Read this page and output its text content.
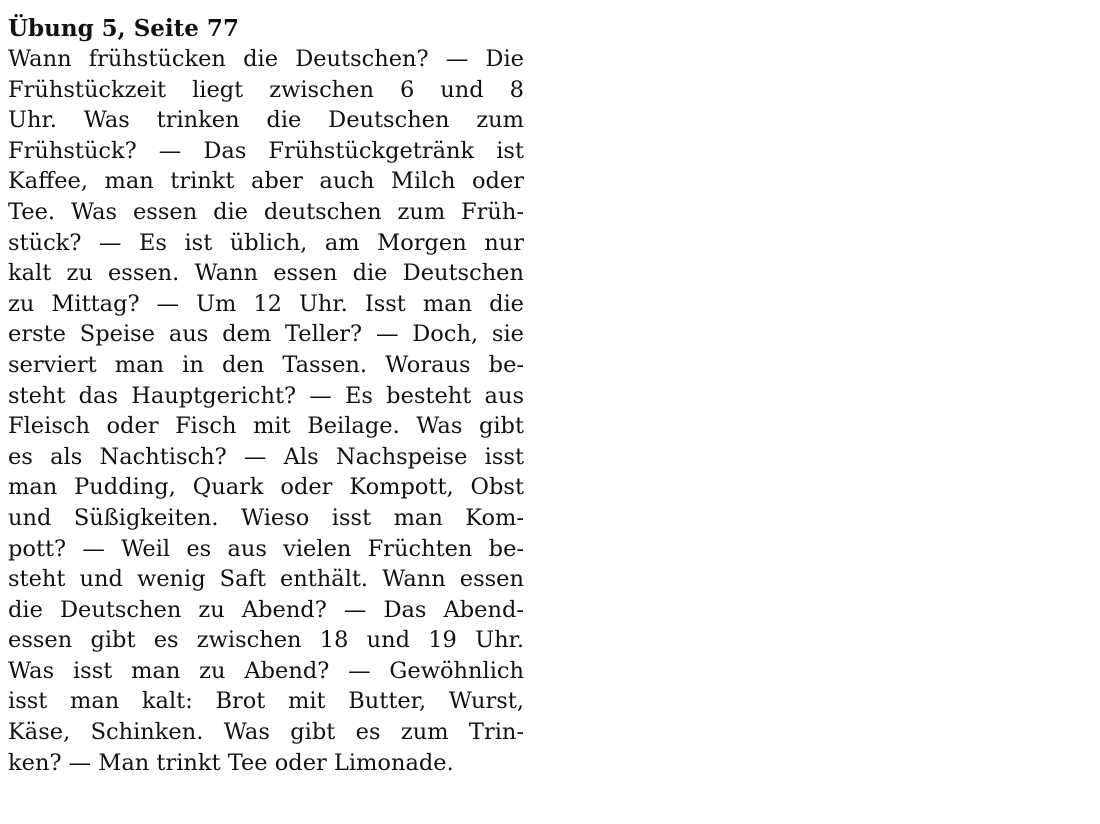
Übung 5, Seite 77
Wann frühstücken die Deutschen? — Die
Frühstückzeit liegt zwischen 6 und 8
Uhr. Was trinken die Deutschen zum
Frühstück? — Das Frühstückgetränk ist
Kaffee, man trinkt aber auch Milch oder
Tee. Was essen die deutschen zum Früh-
stück? — Es ist üblich, am Morgen nur
kalt zu essen. Wann essen die Deutschen
zu Mittag? — Um 12 Uhr. Isst man die
erste Speise aus dem Teller? — Doch, sie
serviert man in den Tassen. Woraus be-
steht das Hauptgericht? — Es besteht aus
Fleisch oder Fisch mit Beilage. Was gibt
es als Nachtisch? — Als Nachspeise isst
man Pudding, Quark oder Kompott, Obst
und Süßigkeiten. Wieso isst man Kom-
pott? — Weil es aus vielen Früchten be-
steht und wenig Saft enthält. Wann essen
die Deutschen zu Abend? — Das Abend-
essen gibt es zwischen 18 und 19 Uhr.
Was isst man zu Abend? — Gewöhnlich
isst man kalt: Brot mit Butter, Wurst,
Käse, Schinken. Was gibt es zum Trin-
ken? — Man trinkt Tee oder Limonade.
